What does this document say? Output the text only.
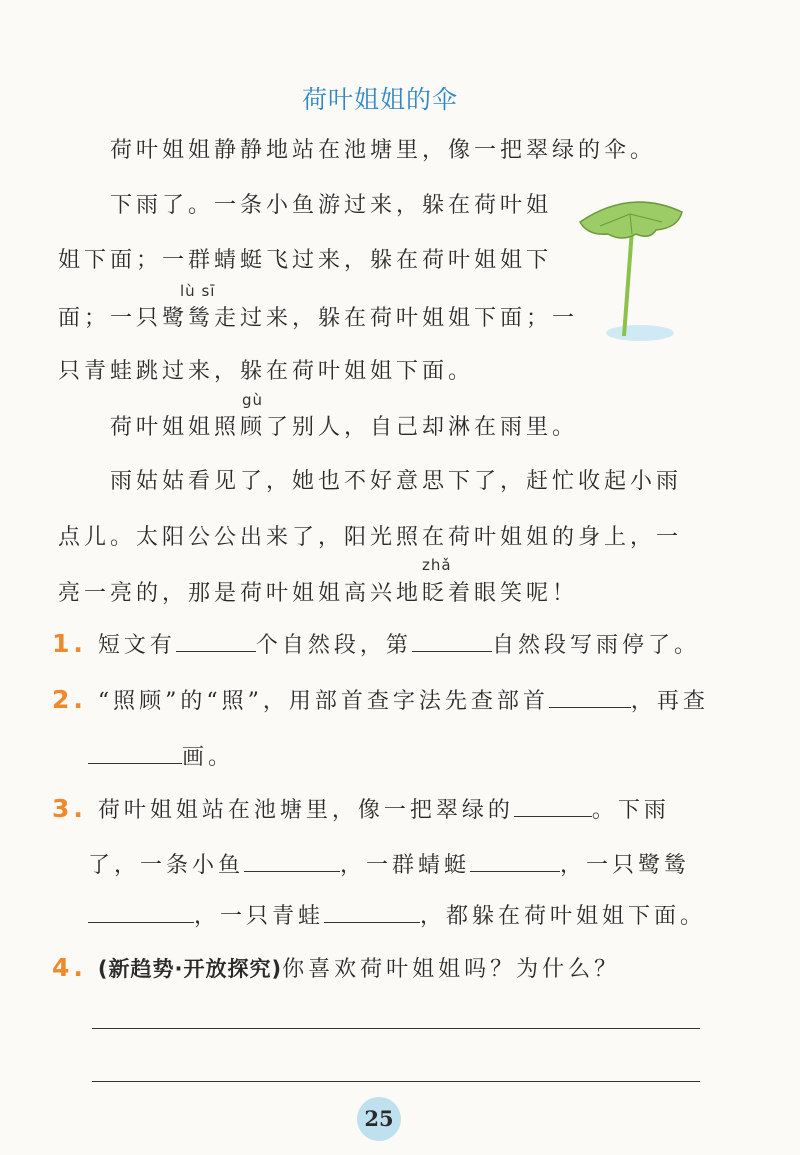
荷叶姐姐的伞
荷叶姐姐静静地站在池塘里，像一把翠绿的伞。
下雨了。一条小鱼游过来，躲在荷叶姐
姐下面；一群蜻蜓飞过来，躲在荷叶姐姐下
lù sī
面；一只鹭鸶走过来，躲在荷叶姐姐下面；一
只青蛙跳过来，躲在荷叶姐姐下面。
gù
荷叶姐姐照顾了别人，自己却淋在雨里。
雨姑姑看见了，她也不好意思下了，赶忙收起小雨
点儿。太阳公公出来了，阳光照在荷叶姐姐的身上，一
zhǎ
亮一亮的，那是荷叶姐姐高兴地眨着眼笑呢！
1. 短文有	个自然段，第	自然段写雨停了。
2. “照顾”的“照”，用部首查字法先查部首	，再查
画。
3. 荷叶姐姐站在池塘里，像一把翠绿的	。下雨
了，一条小鱼	，一群蜻蜓	，一只鹭鸶
，一只青蛙	，都躲在荷叶姐姐下面。
4. (新趋势·开放探究)你喜欢荷叶姐姐吗？为什么？
25
